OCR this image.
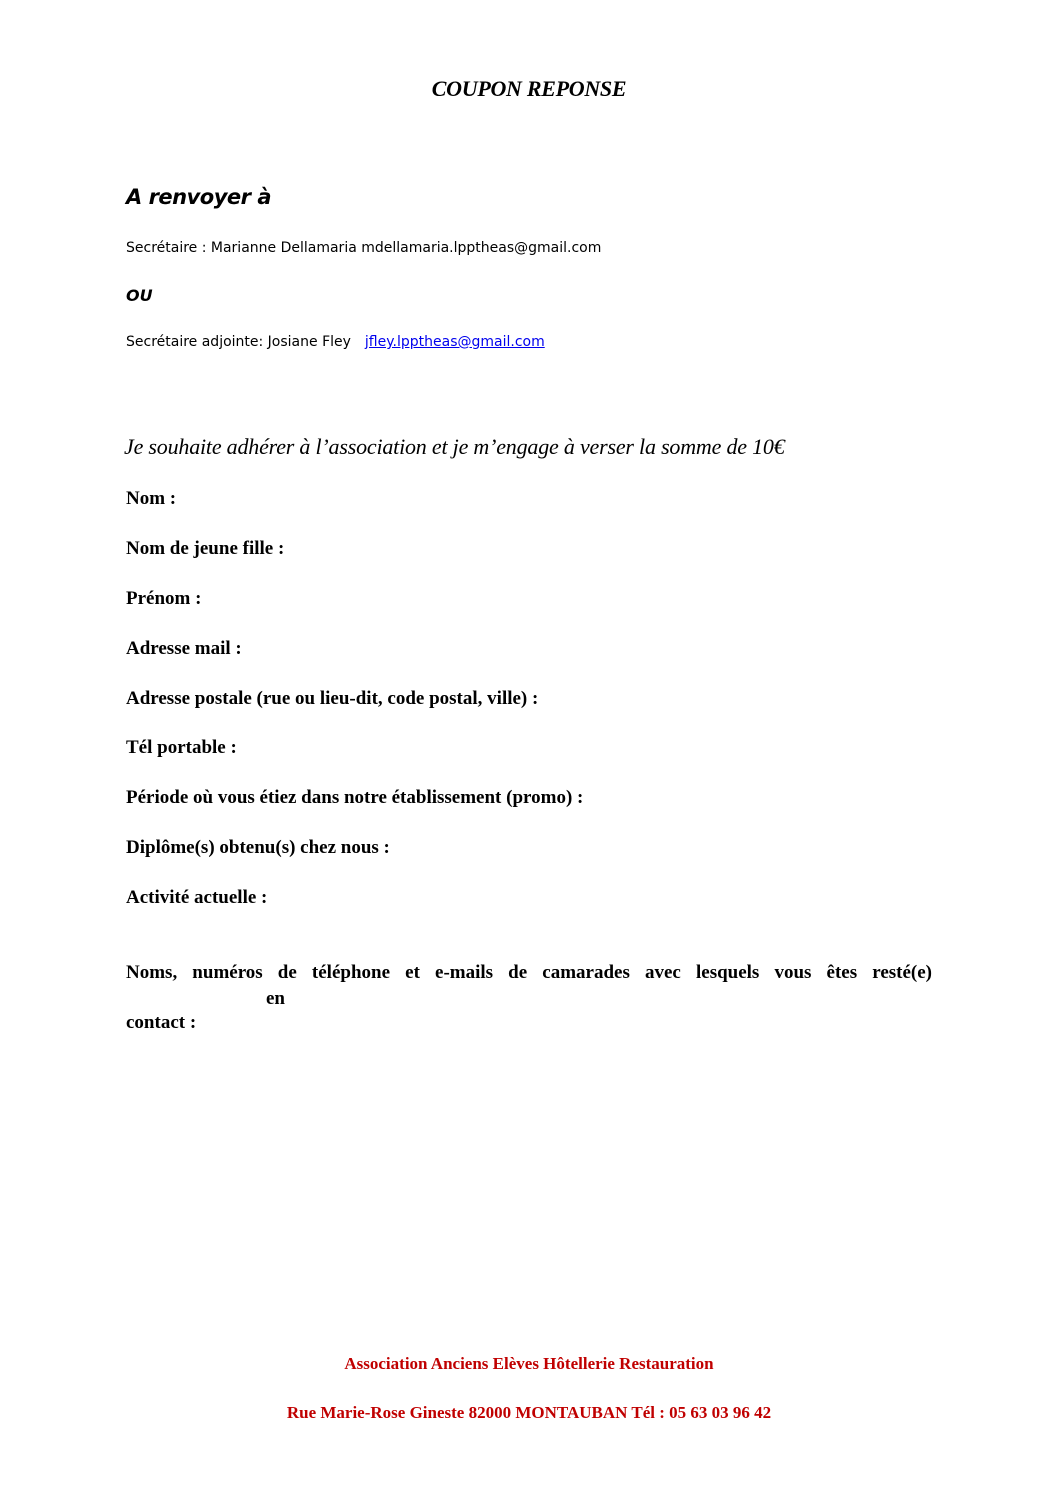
COUPON REPONSE
A renvoyer à

Secrétaire : Marianne Dellamaria mdellamaria.lpptheas@gmail.com

OU

Secrétaire adjointe: Josiane Fley jfley.lpptheas@gmail.com

Je souhaite adhérer à l’association et je m’engage à verser la somme de 10€

Nom :

Nom de jeune fille :

Prénom :

Adresse mail :

Adresse postale (rue ou lieu-dit, code postal, ville) :

Tél portable :

Période où vous étiez dans notre établissement (promo) :

Diplôme(s) obtenu(s) chez nous :

Activité actuelle :

Noms, numéros de téléphone et e-mails de camarades avec lesquels vous êtes resté(e)

en

contact :

Association Anciens Elèves Hôtellerie Restauration

Rue Marie-Rose Gineste 82000 MONTAUBAN Tél : 05 63 03 96 42
